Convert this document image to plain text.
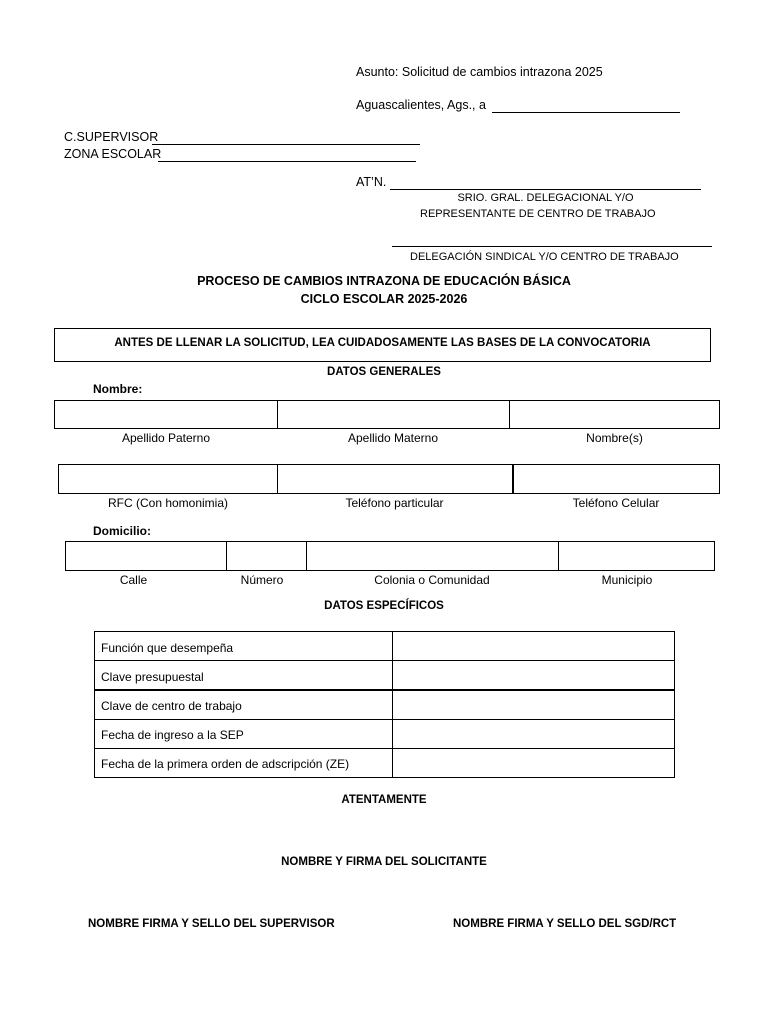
Asunto: Solicitud de cambios intrazona 2025
Aguascalientes, Ags., a
C.SUPERVISOR
ZONA ESCOLAR
AT’N.
SRIO. GRAL. DELEGACIONAL Y/O
REPRESENTANTE DE CENTRO DE TRABAJO
DELEGACIÓN SINDICAL Y/O CENTRO DE TRABAJO
PROCESO DE CAMBIOS INTRAZONA DE EDUCACIÓN BÁSICA
CICLO ESCOLAR 2025-2026
ANTES DE LLENAR LA SOLICITUD, LEA CUIDADOSAMENTE LAS BASES DE LA CONVOCATORIA
DATOS GENERALES
Nombre:
Apellido Paterno	Apellido Materno	Nombre(s)
RFC (Con homonimia)	Teléfono particular	Teléfono Celular
Domicilio:
Calle	Número	Colonia o Comunidad	Municipio
DATOS ESPECÍFICOS
Función que desempeña
Clave presupuestal
Clave de centro de trabajo
Fecha de ingreso a la SEP
Fecha de la primera orden de adscripción (ZE)
ATENTAMENTE
NOMBRE Y FIRMA DEL SOLICITANTE
NOMBRE FIRMA Y SELLO DEL SUPERVISOR	NOMBRE FIRMA Y SELLO DEL SGD/RCT
